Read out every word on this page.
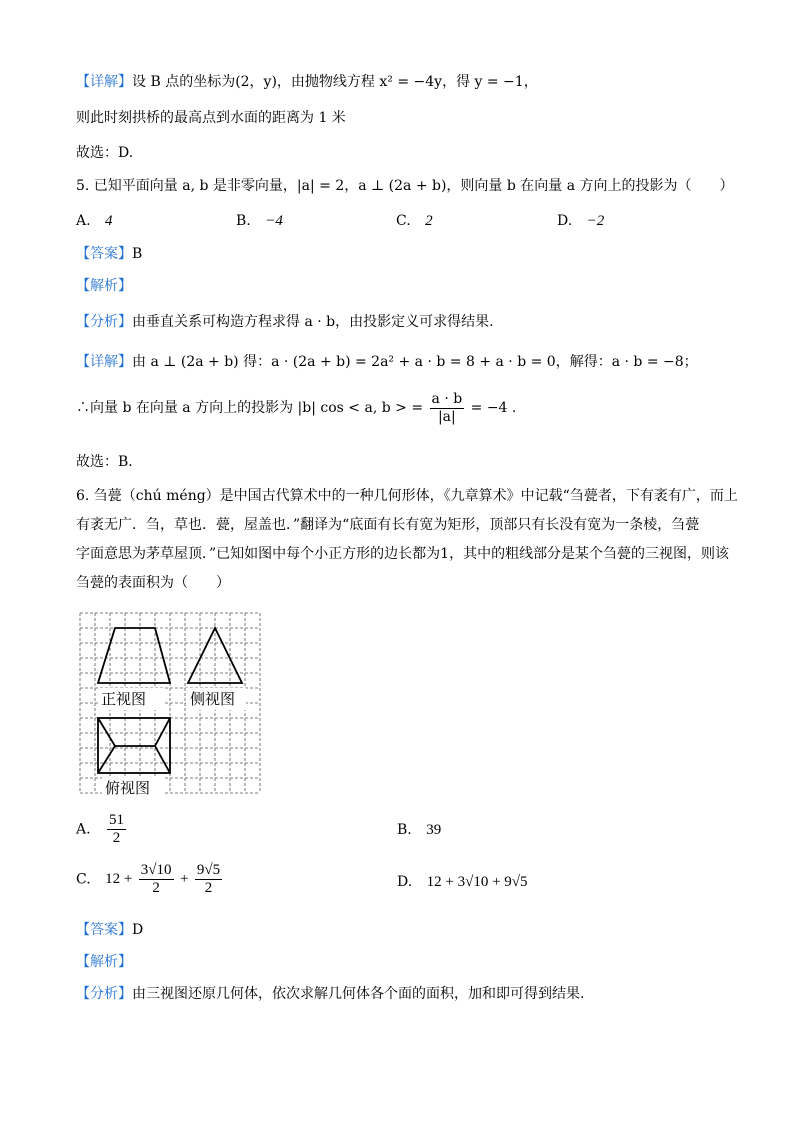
【详解】设 B 点的坐标为(2，y)，由抛物线方程 x² = −4y，得 y = −1，
则此时刻拱桥的最高点到水面的距离为 1 米
故选：D.
5. 已知平面向量 a, b 是非零向量，|a| = 2，a ⊥ (2a + b)，则向量 b 在向量 a 方向上的投影为（　　）
A. 4	B. −4	C. 2	D. −2
【答案】B
【解析】
【分析】由垂直关系可构造方程求得 a · b，由投影定义可求得结果.
【详解】由 a ⊥ (2a + b) 得：a · (2a + b) = 2a² + a · b = 8 + a · b = 0，解得：a · b = −8；
∴向量 b 在向量 a 方向上的投影为 |b| cos < a, b > = $\frac{a \cdot b}{|a|} = -4$ .
故选：B.
6. 刍甍（chú méng）是中国古代算术中的一种几何形体，《九章算术》中记载“刍甍者，下有袤有广，而上
有袤无广．刍，草也．甍，屋盖也．”翻译为“底面有长有宽为矩形，顶部只有长没有宽为一条棱，刍甍
字面意思为茅草屋顶．”已知如图中每个小正方形的边长都为1，其中的粗线部分是某个刍甍的三视图，则该
刍甍的表面积为（　　）
正视图	侧视图
俯视图
A. $\frac{51}{2}$	B. 39
C. $12 + \frac{3√10}{2} + \frac{9√5}{2}$	D. 12 + 3√10 + 9√5
【答案】D
【解析】
【分析】由三视图还原几何体，依次求解几何体各个面的面积，加和即可得到结果.
